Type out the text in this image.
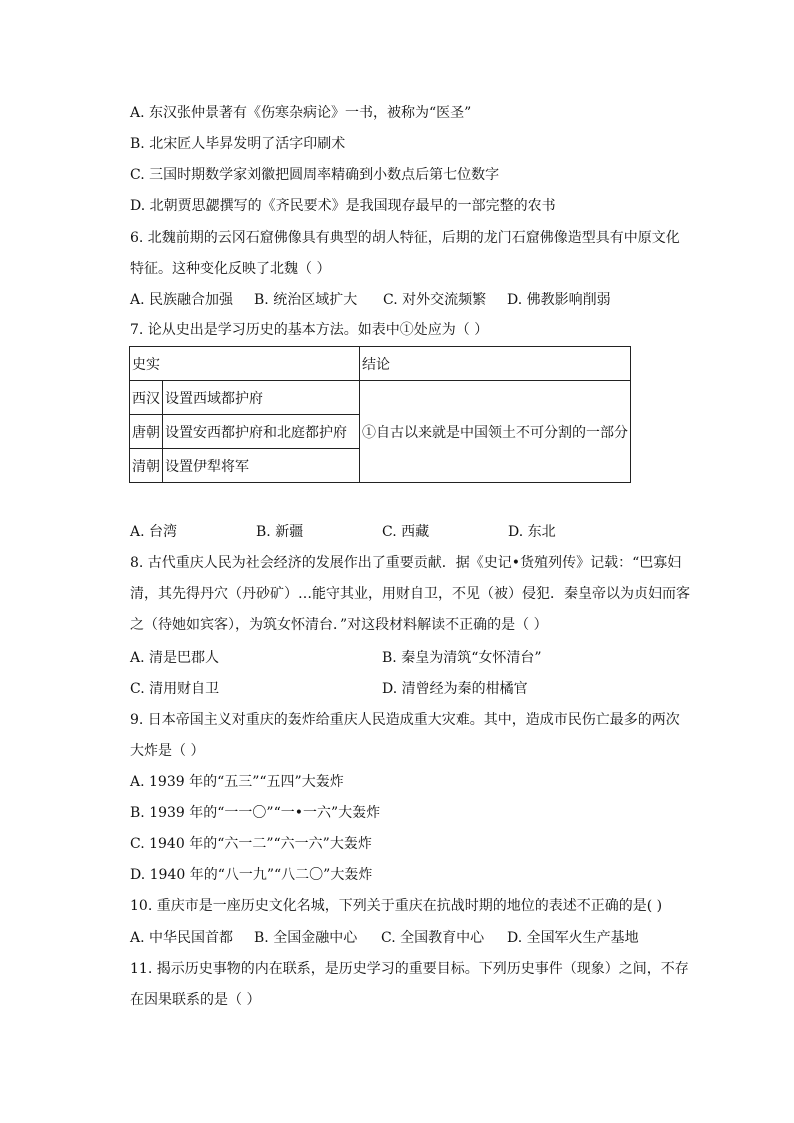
A. 东汉张仲景著有《伤寒杂病论》一书，被称为“医圣”
B. 北宋匠人毕昇发明了活字印刷术
C. 三国时期数学家刘徽把圆周率精确到小数点后第七位数字
D. 北朝贾思勰撰写的《齐民要术》是我国现存最早的一部完整的农书
6. 北魏前期的云冈石窟佛像具有典型的胡人特征，后期的龙门石窟佛像造型具有中原文化
特征。这种变化反映了北魏（ ）
A. 民族融合加强 B. 统治区域扩大 C. 对外交流频繁 D. 佛教影响削弱
7. 论从史出是学习历史的基本方法。如表中①处应为（ ）
史实		结论
西汉	设置西域都护府	①自古以来就是中国领土不可分割的一部分
唐朝	设置安西都护府和北庭都护府	
清朝	设置伊犁将军	
A. 台湾	B. 新疆	C. 西藏	D. 东北
8. 古代重庆人民为社会经济的发展作出了重要贡献．据《史记•货殖列传》记载：“巴寡妇
清，其先得丹穴（丹砂矿）…能守其业，用财自卫，不见（被）侵犯．秦皇帝以为贞妇而客
之（待她如宾客），为筑女怀清台．”对这段材料解读不正确的是（ ）
A. 清是巴郡人	B. 秦皇为清筑“女怀清台”
C. 清用财自卫	D. 清曾经为秦的柑橘官
9. 日本帝国主义对重庆的轰炸给重庆人民造成重大灾难。其中，造成市民伤亡最多的两次
大炸是（ ）
A. 1939 年的“五三”“五四”大轰炸
B. 1939 年的“一一〇”“一•一六”大轰炸
C. 1940 年的“六一二”“六一六”大轰炸
D. 1940 年的“八一九”“八二〇”大轰炸
10. 重庆市是一座历史文化名城，下列关于重庆在抗战时期的地位的表述不正确的是( )
A. 中华民国首都 B. 全国金融中心 C. 全国教育中心 D. 全国军火生产基地
11. 揭示历史事物的内在联系，是历史学习的重要目标。下列历史事件（现象）之间，不存
在因果联系的是（ ）
